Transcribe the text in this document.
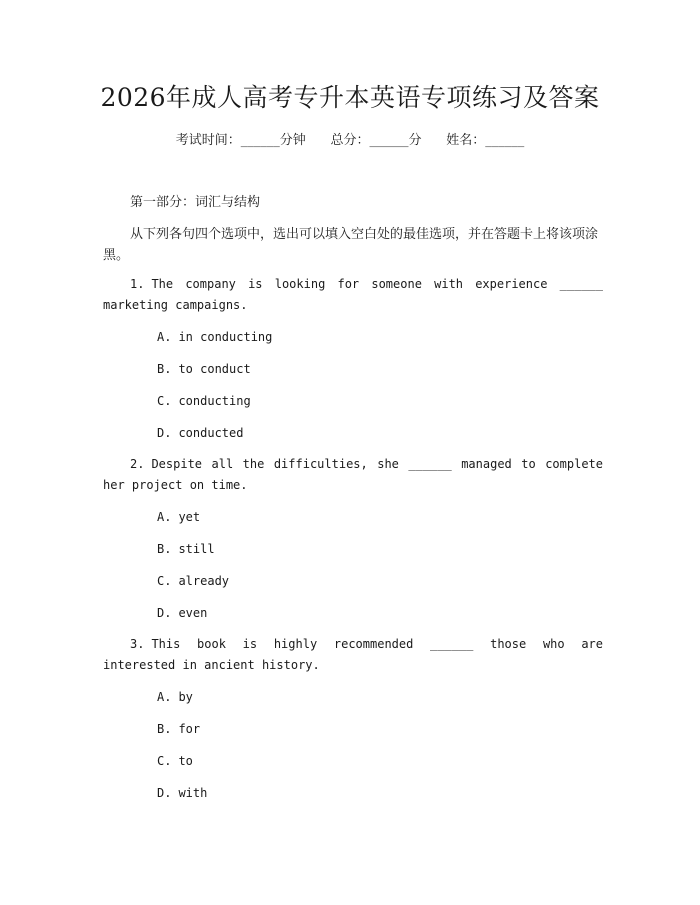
2026年成人高考专升本英语专项练习及答案
考试时间：______分钟      总分：______分      姓名：______
第一部分：词汇与结构
从下列各句四个选项中，选出可以填入空白处的最佳选项，并在答题卡上将该项涂黑。
1. The company is looking for someone with experience ______ marketing campaigns.
A. in conducting
B. to conduct
C. conducting
D. conducted
2. Despite all the difficulties, she ______ managed to complete her project on time.
A. yet
B. still
C. already
D. even
3. This book is highly recommended ______ those who are interested in ancient history.
A. by
B. for
C. to
D. with
